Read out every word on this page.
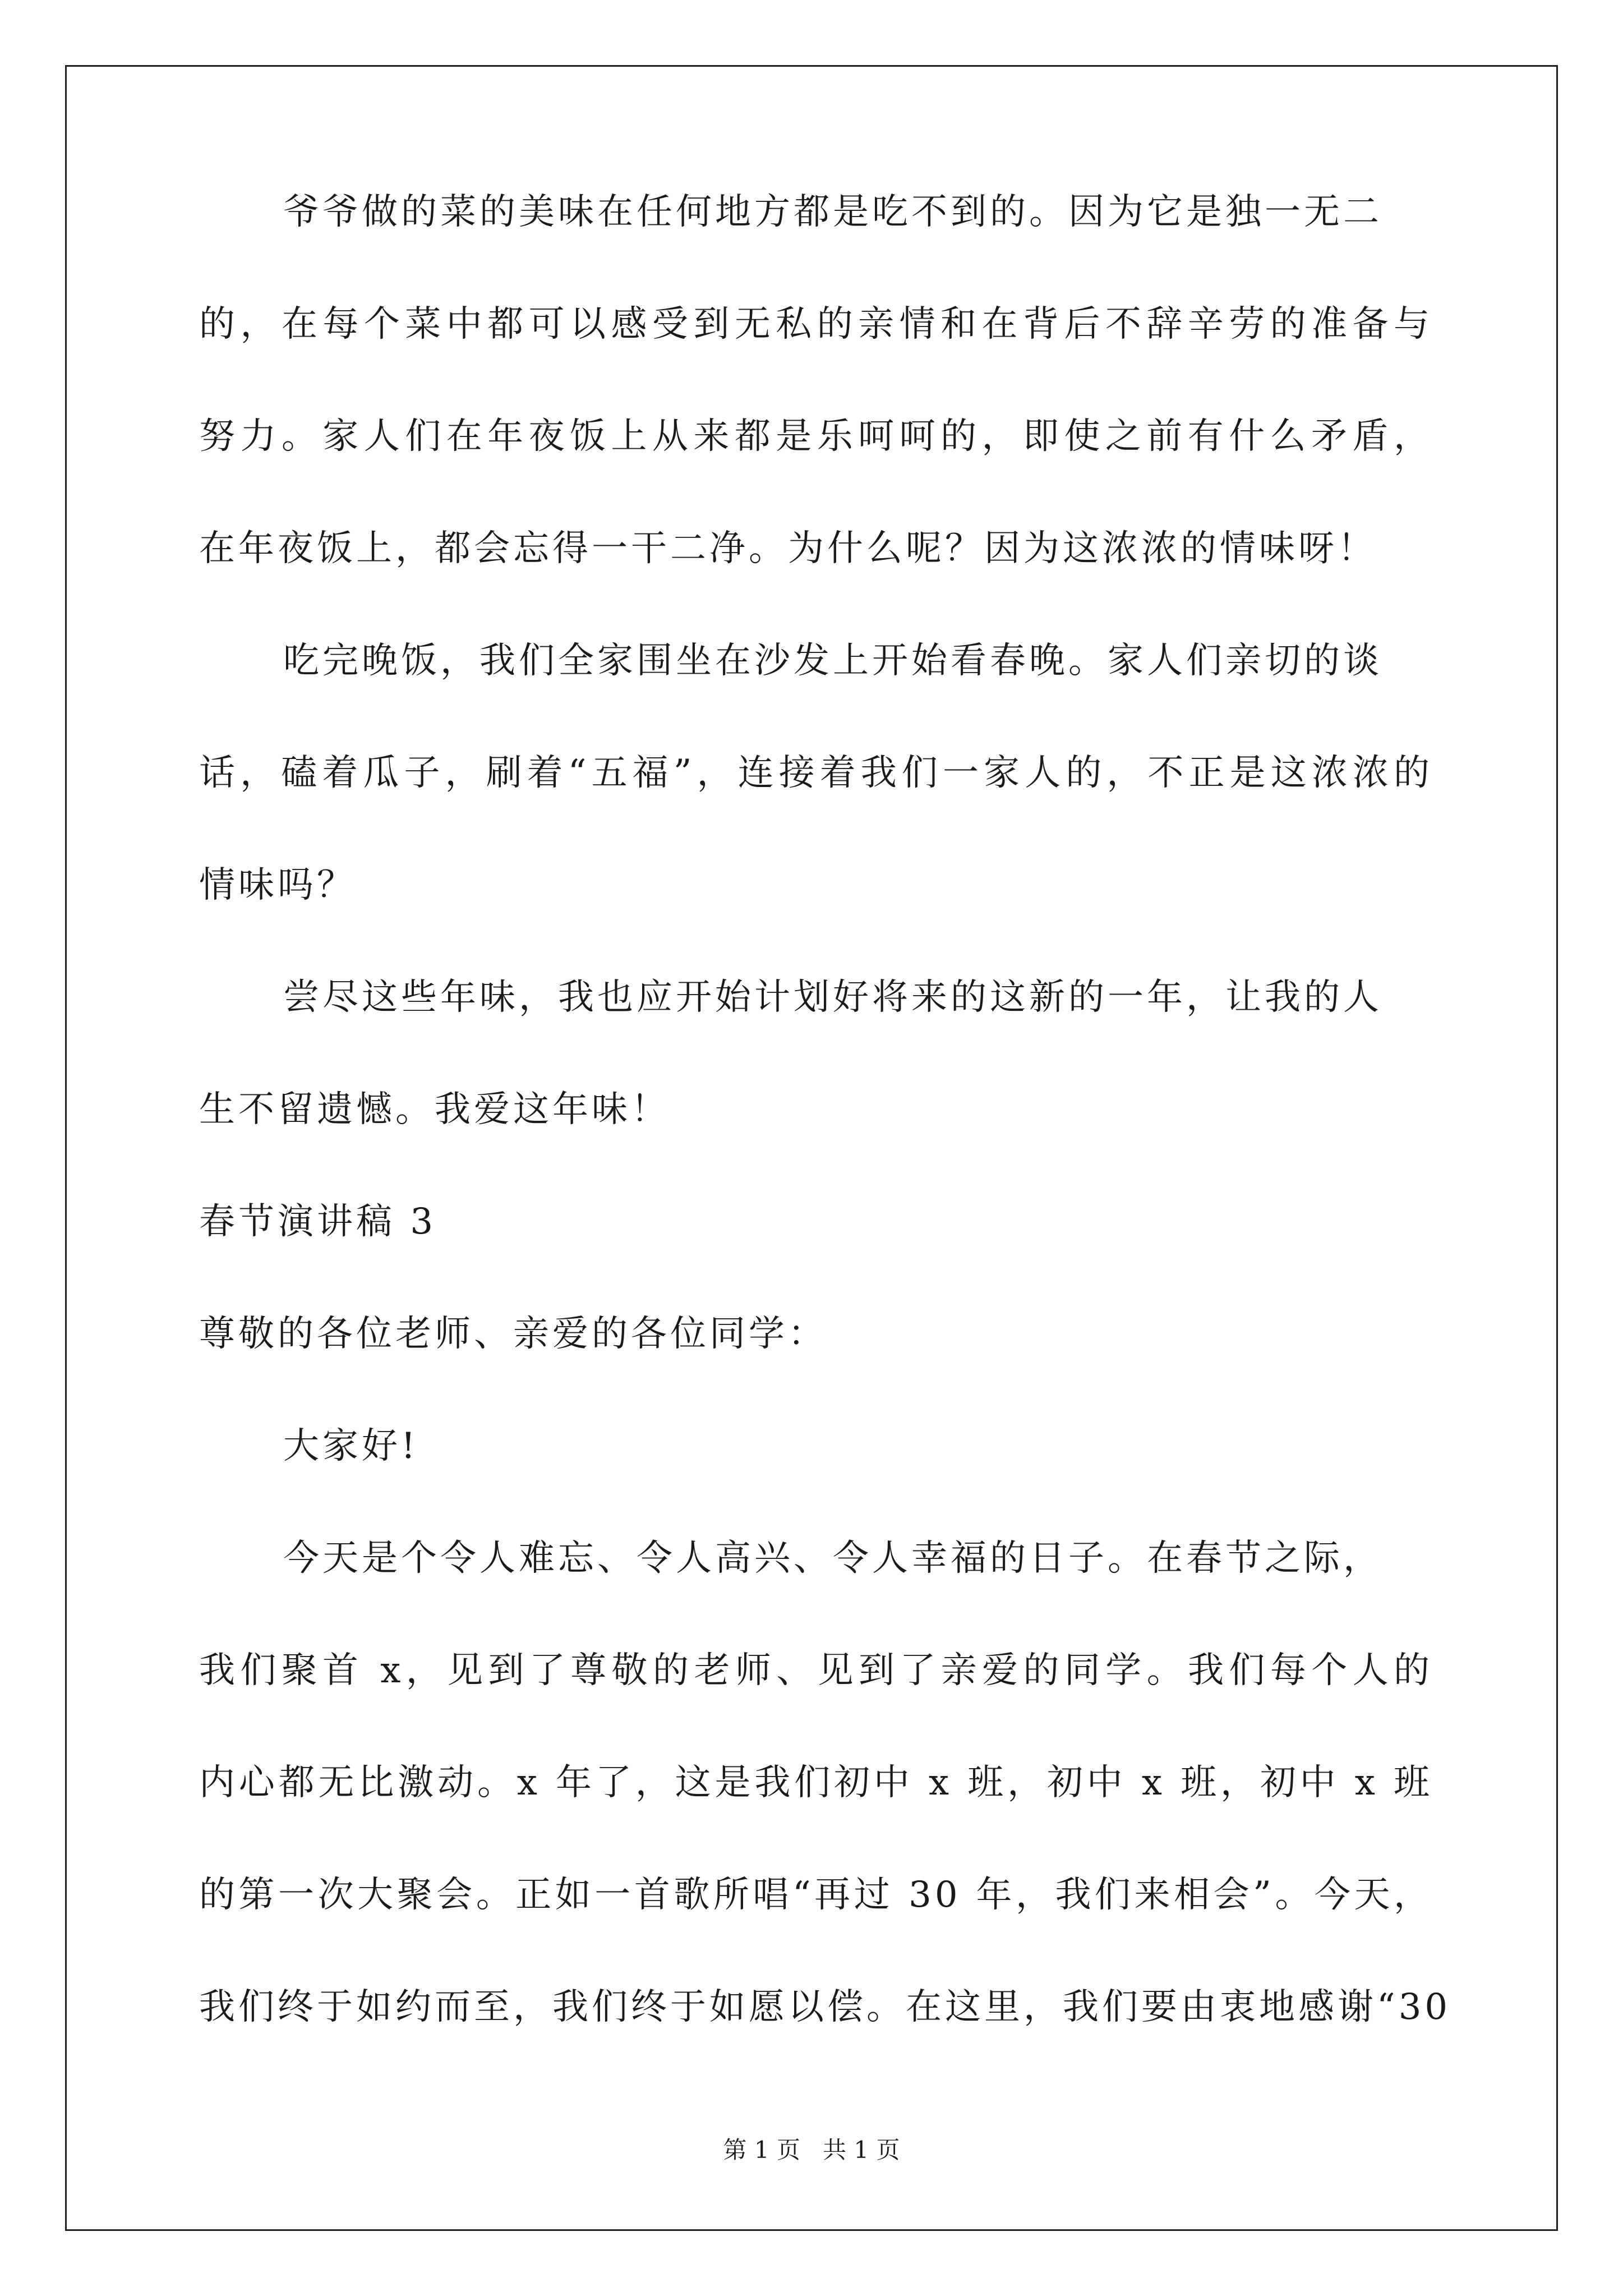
爷爷做的菜的美味在任何地方都是吃不到的。因为它是独一无二
的，在每个菜中都可以感受到无私的亲情和在背后不辞辛劳的准备与
努力。家人们在年夜饭上从来都是乐呵呵的，即使之前有什么矛盾，
在年夜饭上，都会忘得一干二净。为什么呢？因为这浓浓的情味呀！
吃完晚饭，我们全家围坐在沙发上开始看春晚。家人们亲切的谈
话，磕着瓜子，刷着“五福”，连接着我们一家人的，不正是这浓浓的
情味吗？
尝尽这些年味，我也应开始计划好将来的这新的一年，让我的人
生不留遗憾。我爱这年味！
春节演讲稿 3
尊敬的各位老师、亲爱的各位同学：
大家好!
今天是个令人难忘、令人高兴、令人幸福的日子。在春节之际，
我们聚首 x，见到了尊敬的老师、见到了亲爱的同学。我们每个人的
内心都无比激动。x 年了，这是我们初中 x 班，初中 x 班，初中 x 班
的第一次大聚会。正如一首歌所唱“再过 30 年，我们来相会”。今天，
我们终于如约而至，我们终于如愿以偿。在这里，我们要由衷地感谢“30
第 1 页   共 1 页
